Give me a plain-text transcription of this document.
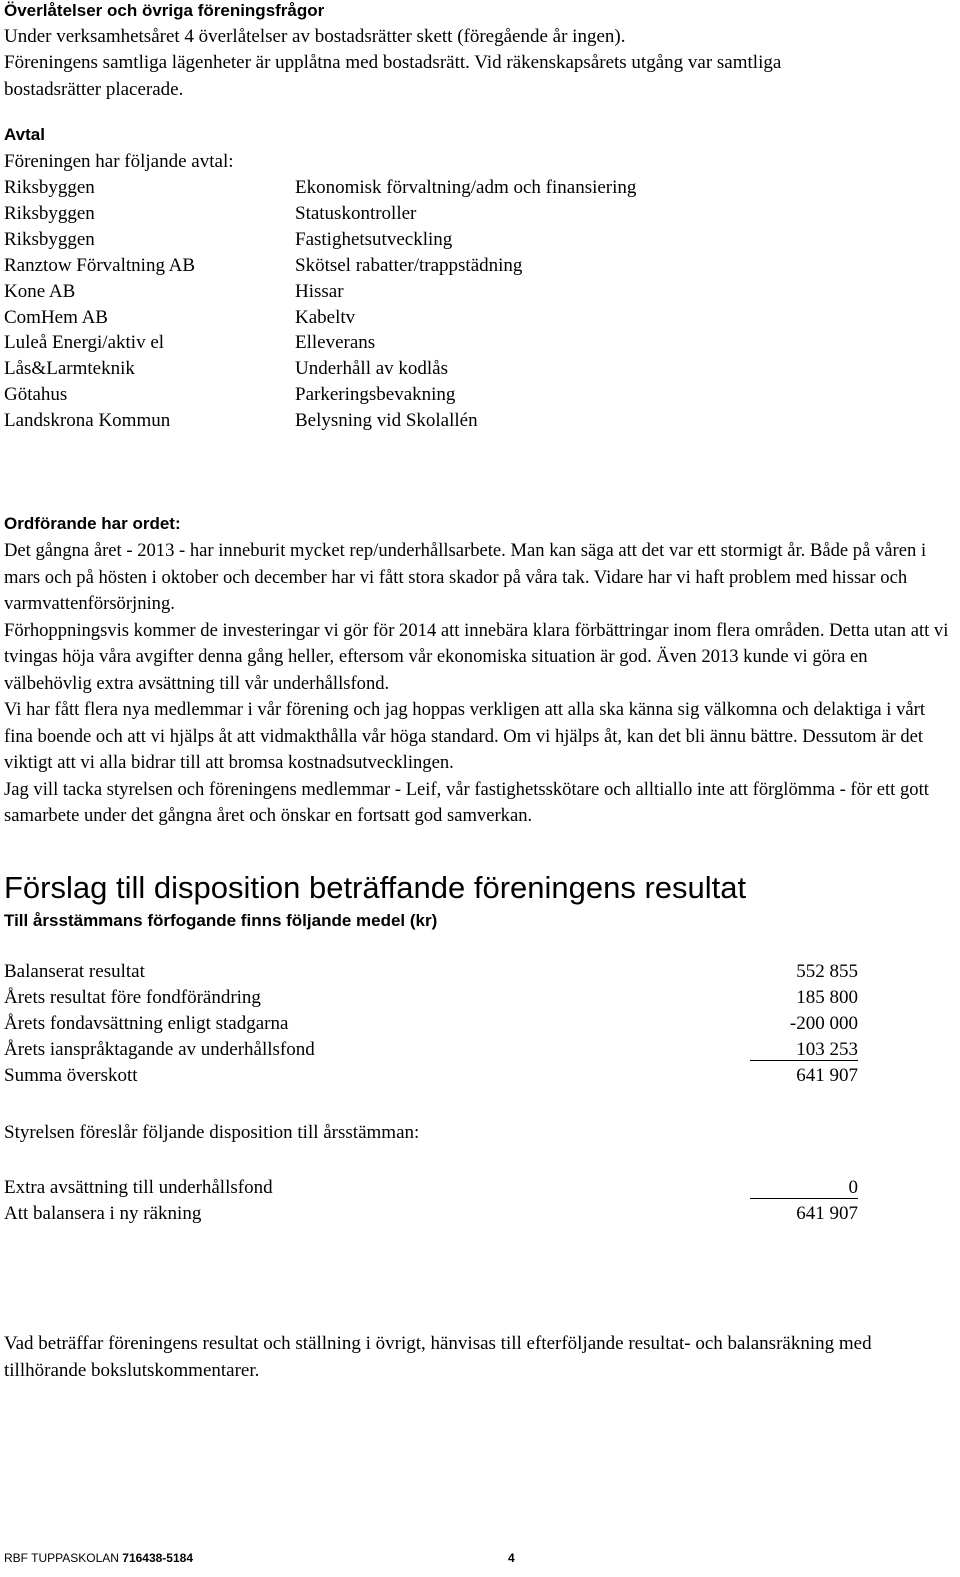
Överlåtelser och övriga föreningsfrågor
Under verksamhetsåret 4 överlåtelser av bostadsrätter skett (föregående år ingen).
Föreningens samtliga lägenheter är upplåtna med bostadsrätt. Vid räkenskapsårets utgång var samtliga
bostadsrätter placerade.
Avtal
Föreningen har följande avtal:
Riksbyggen	Ekonomisk förvaltning/adm och finansiering
Riksbyggen	Statuskontroller
Riksbyggen	Fastighetsutveckling
Ranztow Förvaltning AB	Skötsel rabatter/trappstädning
Kone AB	Hissar
ComHem AB	Kabeltv
Luleå Energi/aktiv el	Elleverans
Lås&Larmteknik	Underhåll av kodlås
Götahus	Parkeringsbevakning
Landskrona Kommun	Belysning vid Skolallén
Ordförande har ordet:

Det gångna året - 2013 - har inneburit mycket rep/underhållsarbete. Man kan säga att det var ett stormigt år. Både på våren i mars och på hösten i oktober och december har vi fått stora skador på våra tak. Vidare har vi haft problem med hissar och varmvattenförsörjning.

Förhoppningsvis kommer de investeringar vi gör för 2014 att innebära klara förbättringar inom flera områden. Detta utan att vi tvingas höja våra avgifter denna gång heller, eftersom vår ekonomiska situation är god. Även 2013 kunde vi göra en välbehövlig extra avsättning till vår underhållsfond.

Vi har fått flera nya medlemmar i vår förening och jag hoppas verkligen att alla ska känna sig välkomna och delaktiga i vårt fina boende och att vi hjälps åt att vidmakthålla vår höga standard. Om vi hjälps åt, kan det bli ännu bättre. Dessutom är det viktigt att vi alla bidrar till att bromsa kostnadsutvecklingen.

Jag vill tacka styrelsen och föreningens medlemmar - Leif, vår fastighetsskötare och alltiallo inte att förglömma - för ett gott samarbete under det gångna året och önskar en fortsatt god samverkan.

Förslag till disposition beträffande föreningens resultat
Till årsstämmans förfogande finns följande medel (kr)
Balanserat resultat	552 855
Årets resultat före fondförändring	185 800
Årets fondavsättning enligt stadgarna	-200 000
Årets ianspråktagande av underhållsfond	103 253
Summa överskott	641 907
Styrelsen föreslår följande disposition till årsstämman:
Extra avsättning till underhållsfond	0
Att balansera i ny räkning	641 907
Vad beträffar föreningens resultat och ställning i övrigt, hänvisas till efterföljande resultat- och balansräkning med
tillhörande bokslutskommentarer.
RBF TUPPASKOLAN 716438-5184	4
